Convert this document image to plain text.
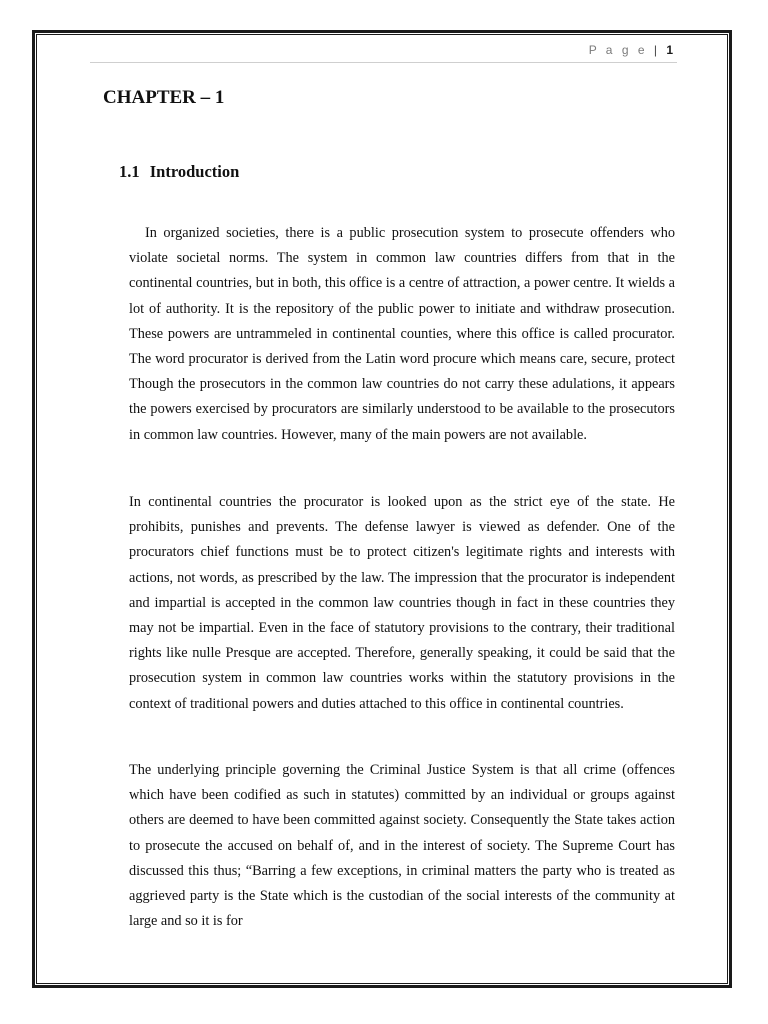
P a g e | 1
CHAPTER – 1
1.1 Introduction

In organized societies, there is a public prosecution system to prosecute offenders who violate societal norms. The system in common law countries differs from that in the continental countries, but in both, this office is a centre of attraction, a power centre. It wields a lot of authority. It is the repository of the public power to initiate and withdraw prosecution. These powers are untrammeled in continental counties, where this office is called procurator. The word procurator is derived from the Latin word procure which means care, secure, protect Though the prosecutors in the common law countries do not carry these adulations, it appears the powers exercised by procurators are similarly understood to be available to the prosecutors in common law countries. However, many of the main powers are not available.

In continental countries the procurator is looked upon as the strict eye of the state. He prohibits, punishes and prevents. The defense lawyer is viewed as defender. One of the procurators chief functions must be to protect citizen's legitimate rights and interests with actions, not words, as prescribed by the law. The impression that the procurator is independent and impartial is accepted in the common law countries though in fact in these countries they may not be impartial. Even in the face of statutory provisions to the contrary, their traditional rights like nulle Presque are accepted. Therefore, generally speaking, it could be said that the prosecution system in common law countries works within the statutory provisions in the context of traditional powers and duties attached to this office in continental countries.

The underlying principle governing the Criminal Justice System is that all crime (offences which have been codified as such in statutes) committed by an individual or groups against others are deemed to have been committed against society. Consequently the State takes action to prosecute the accused on behalf of, and in the interest of society. The Supreme Court has discussed this thus; “Barring a few exceptions, in criminal matters the party who is treated as aggrieved party is the State which is the custodian of the social interests of the community at large and so it is for
